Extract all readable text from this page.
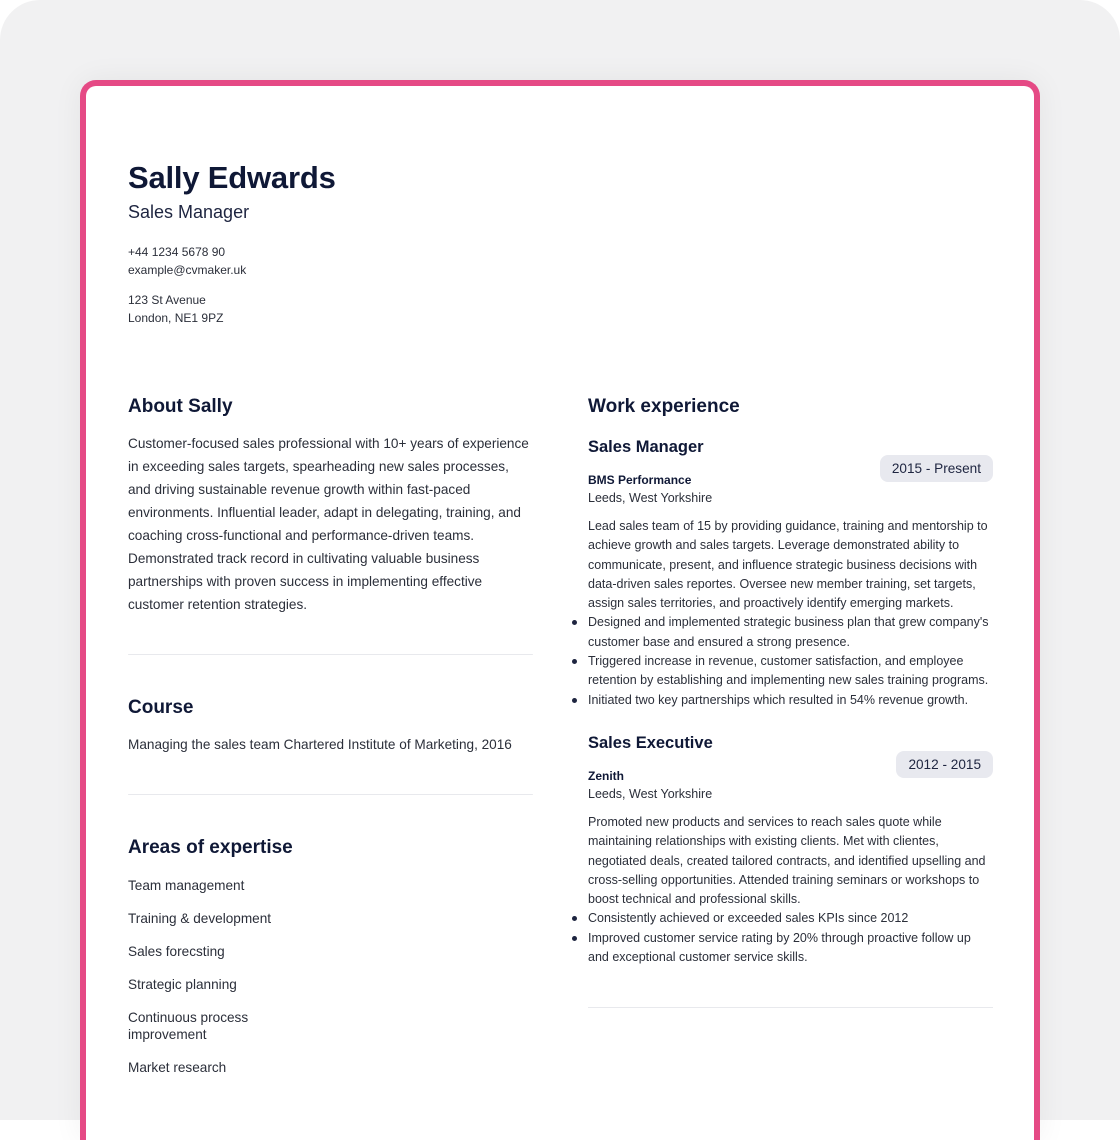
Sally Edwards
Sales Manager
+44 1234 5678 90
example@cvmaker.uk
123 St Avenue
London, NE1 9PZ
About Sally
Customer-focused sales professional with 10+ years of experience in exceeding sales targets, spearheading new sales processes, and driving sustainable revenue growth within fast-paced environments. Influential leader, adapt in delegating, training, and coaching cross-functional and performance-driven teams. Demonstrated track record in cultivating valuable business partnerships with proven success in implementing effective customer retention strategies.
Course
Managing the sales team Chartered Institute of Marketing, 2016
Areas of expertise
Team management
Training & development
Sales forecsting
Strategic planning
Continuous process improvement
Market research
Work experience
Sales Manager
2015 - Present
BMS Performance
Leeds, West Yorkshire
Lead sales team of 15 by providing guidance, training and mentorship to achieve growth and sales targets. Leverage demonstrated ability to communicate, present, and influence strategic business decisions with data-driven sales reportes. Oversee new member training, set targets, assign sales territories, and proactively identify emerging markets.
Designed and implemented strategic business plan that grew company's customer base and ensured a strong presence.
Triggered increase in revenue, customer satisfaction, and employee retention by establishing and implementing new sales training programs.
Initiated two key partnerships which resulted in 54% revenue growth.
Sales Executive
2012 - 2015
Zenith
Leeds, West Yorkshire
Promoted new products and services to reach sales quote while maintaining relationships with existing clients. Met with clientes, negotiated deals, created tailored contracts, and identified upselling and cross-selling opportunities. Attended training seminars or workshops to boost technical and professional skills.
Consistently achieved or exceeded sales KPIs since 2012
Improved customer service rating by 20% through proactive follow up and exceptional customer service skills.
